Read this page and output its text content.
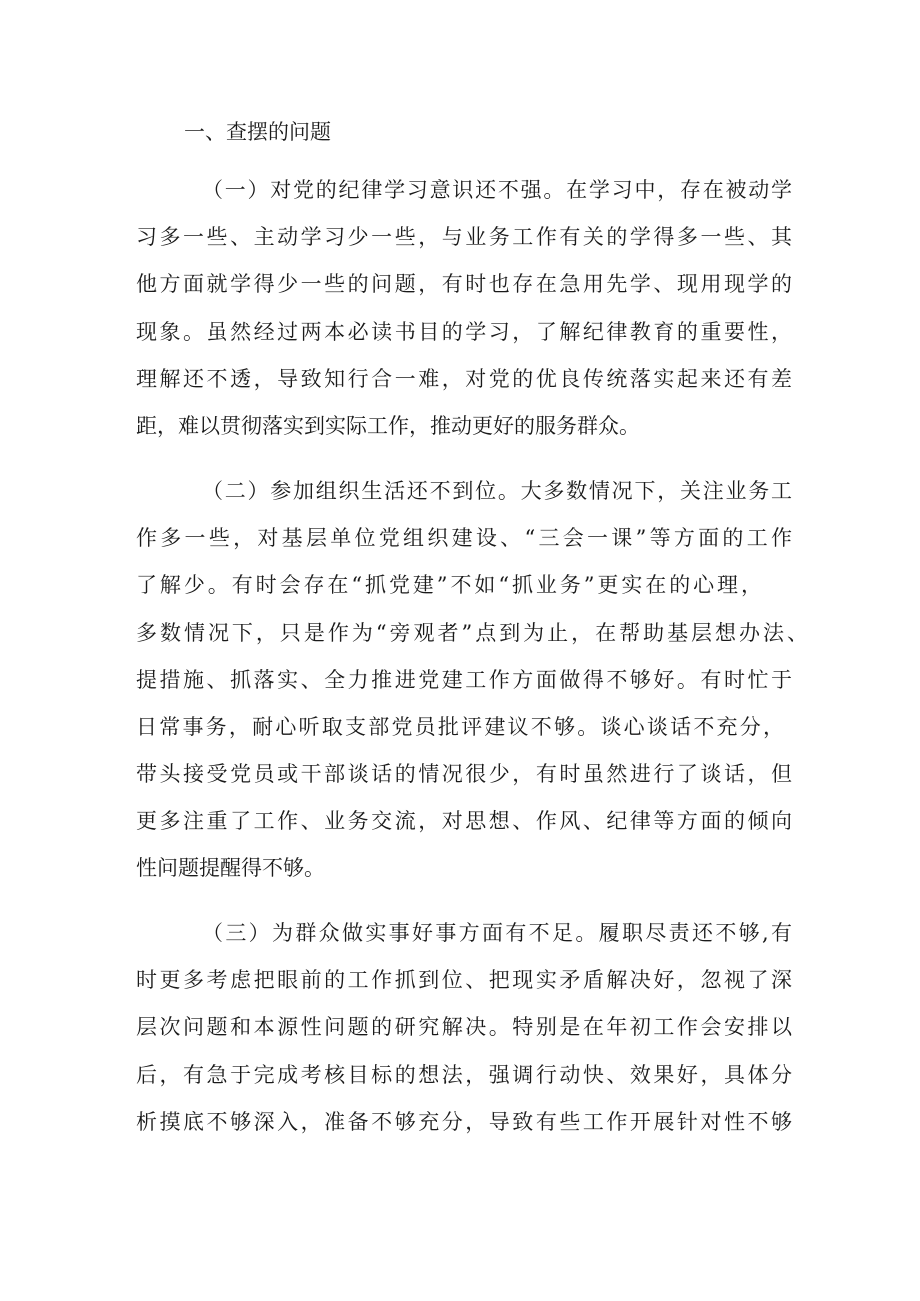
一、查摆的问题
（一）对党的纪律学习意识还不强。在学习中，存在被动学
习多一些、主动学习少一些，与业务工作有关的学得多一些、其
他方面就学得少一些的问题，有时也存在急用先学、现用现学的
现象。虽然经过两本必读书目的学习，了解纪律教育的重要性，
理解还不透，导致知行合一难，对党的优良传统落实起来还有差
距，难以贯彻落实到实际工作，推动更好的服务群众。
（二）参加组织生活还不到位。大多数情况下，关注业务工
作多一些，对基层单位党组织建设、“三会一课”等方面的工作
了解少。有时会存在“抓党建”不如“抓业务”更实在的心理，
多数情况下，只是作为“旁观者”点到为止，在帮助基层想办法、
提措施、抓落实、全力推进党建工作方面做得不够好。有时忙于
日常事务，耐心听取支部党员批评建议不够。谈心谈话不充分，
带头接受党员或干部谈话的情况很少，有时虽然进行了谈话，但
更多注重了工作、业务交流，对思想、作风、纪律等方面的倾向
性问题提醒得不够。
（三）为群众做实事好事方面有不足。履职尽责还不够,有
时更多考虑把眼前的工作抓到位、把现实矛盾解决好，忽视了深
层次问题和本源性问题的研究解决。特别是在年初工作会安排以
后，有急于完成考核目标的想法，强调行动快、效果好，具体分
析摸底不够深入，准备不够充分，导致有些工作开展针对性不够
